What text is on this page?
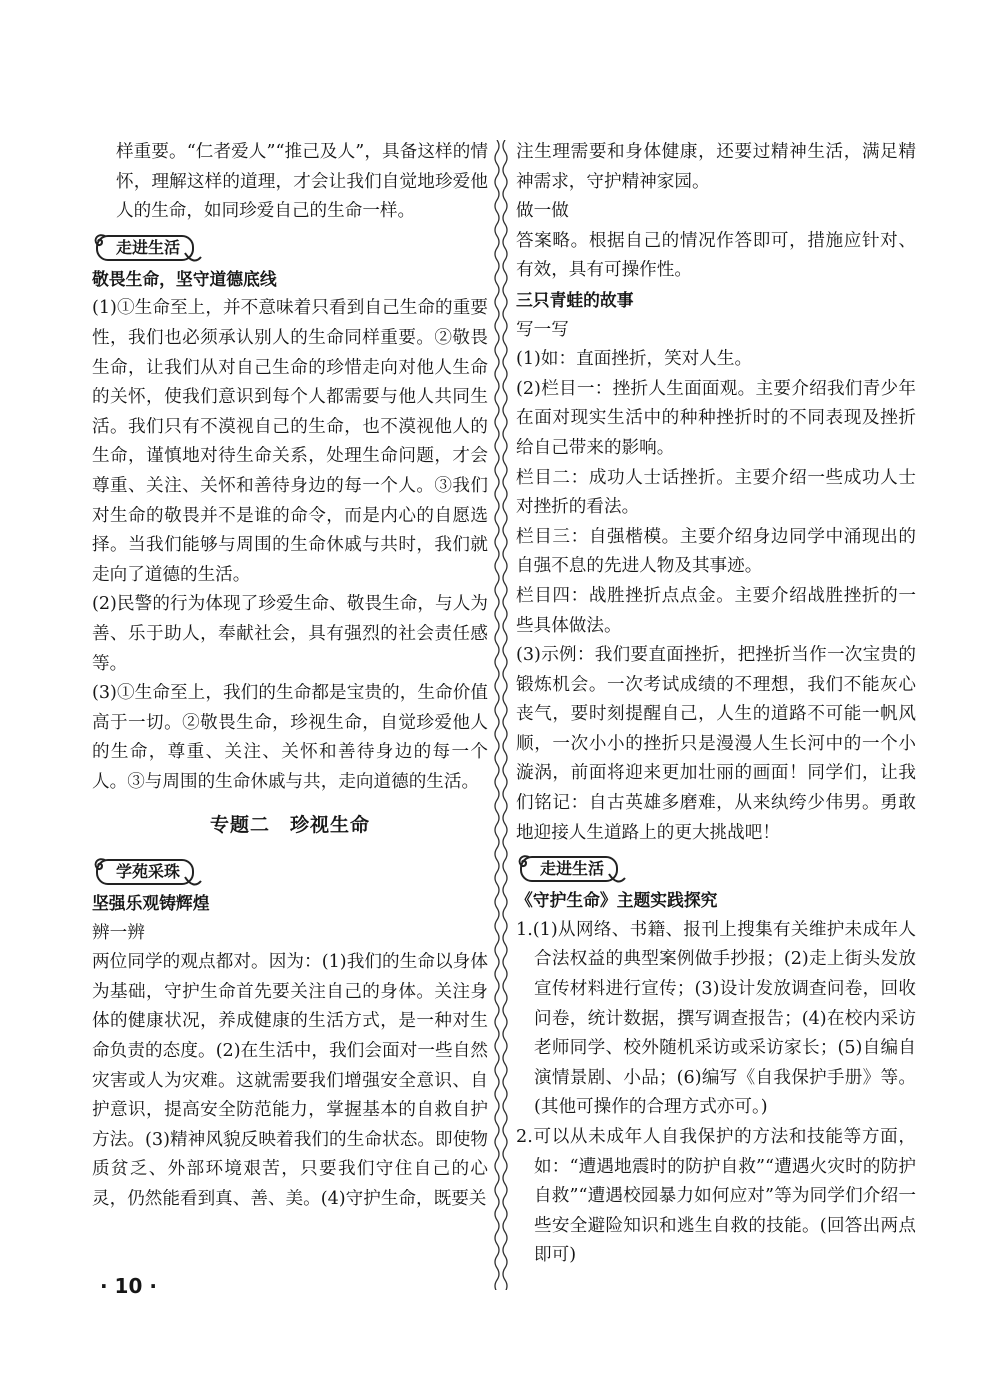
样重要。“仁者爱人”“推己及人”，具备这样的情怀，理解这样的道理，才会让我们自觉地珍爱他人的生命，如同珍爱自己的生命一样。

走进生活
敬畏生命，坚守道德底线

(1)①生命至上，并不意味着只看到自己生命的重要性，我们也必须承认别人的生命同样重要。②敬畏生命，让我们从对自己生命的珍惜走向对他人生命的关怀，使我们意识到每个人都需要与他人共同生活。我们只有不漠视自己的生命，也不漠视他人的生命，谨慎地对待生命关系，处理生命问题，才会尊重、关注、关怀和善待身边的每一个人。③我们对生命的敬畏并不是谁的命令，而是内心的自愿选择。当我们能够与周围的生命休戚与共时，我们就走向了道德的生活。

(2)民警的行为体现了珍爱生命、敬畏生命，与人为善、乐于助人，奉献社会，具有强烈的社会责任感等。

(3)①生命至上，我们的生命都是宝贵的，生命价值高于一切。②敬畏生命，珍视生命，自觉珍爱他人的生命，尊重、关注、关怀和善待身边的每一个人。③与周围的生命休戚与共，走向道德的生活。

专题二　珍视生命
学苑采珠
坚强乐观铸辉煌
辨一辨

两位同学的观点都对。因为：(1)我们的生命以身体为基础，守护生命首先要关注自己的身体。关注身体的健康状况，养成健康的生活方式，是一种对生命负责的态度。(2)在生活中，我们会面对一些自然灾害或人为灾难。这就需要我们增强安全意识、自护意识，提高安全防范能力，掌握基本的自救自护方法。(3)精神风貌反映着我们的生命状态。即使物质贫乏、外部环境艰苦，只要我们守住自己的心灵，仍然能看到真、善、美。(4)守护生命，既要关

注生理需要和身体健康，还要过精神生活，满足精神需求，守护精神家园。

做一做

答案略。根据自己的情况作答即可，措施应针对、有效，具有可操作性。

三只青蛙的故事
写一写

(1)如：直面挫折，笑对人生。

(2)栏目一：挫折人生面面观。主要介绍我们青少年在面对现实生活中的种种挫折时的不同表现及挫折给自己带来的影响。

栏目二：成功人士话挫折。主要介绍一些成功人士对挫折的看法。

栏目三：自强楷模。主要介绍身边同学中涌现出的自强不息的先进人物及其事迹。

栏目四：战胜挫折点点金。主要介绍战胜挫折的一些具体做法。

(3)示例：我们要直面挫折，把挫折当作一次宝贵的锻炼机会。一次考试成绩的不理想，我们不能灰心丧气，要时刻提醒自己，人生的道路不可能一帆风顺，一次小小的挫折只是漫漫人生长河中的一个小漩涡，前面将迎来更加壮丽的画面！同学们，让我们铭记：自古英雄多磨难，从来纨绔少伟男。勇敢地迎接人生道路上的更大挑战吧！

走进生活
《守护生命》主题实践探究

1.(1)从网络、书籍、报刊上搜集有关维护未成年人合法权益的典型案例做手抄报；(2)走上街头发放宣传材料进行宣传；(3)设计发放调查问卷，回收问卷，统计数据，撰写调查报告；(4)在校内采访老师同学、校外随机采访或采访家长；(5)自编自演情景剧、小品；(6)编写《自我保护手册》等。(其他可操作的合理方式亦可。)

2.可以从未成年人自我保护的方法和技能等方面，如：“遭遇地震时的防护自救”“遭遇火灾时的防护自救”“遭遇校园暴力如何应对”等为同学们介绍一些安全避险知识和逃生自救的技能。(回答出两点即可)

· 10 ·
